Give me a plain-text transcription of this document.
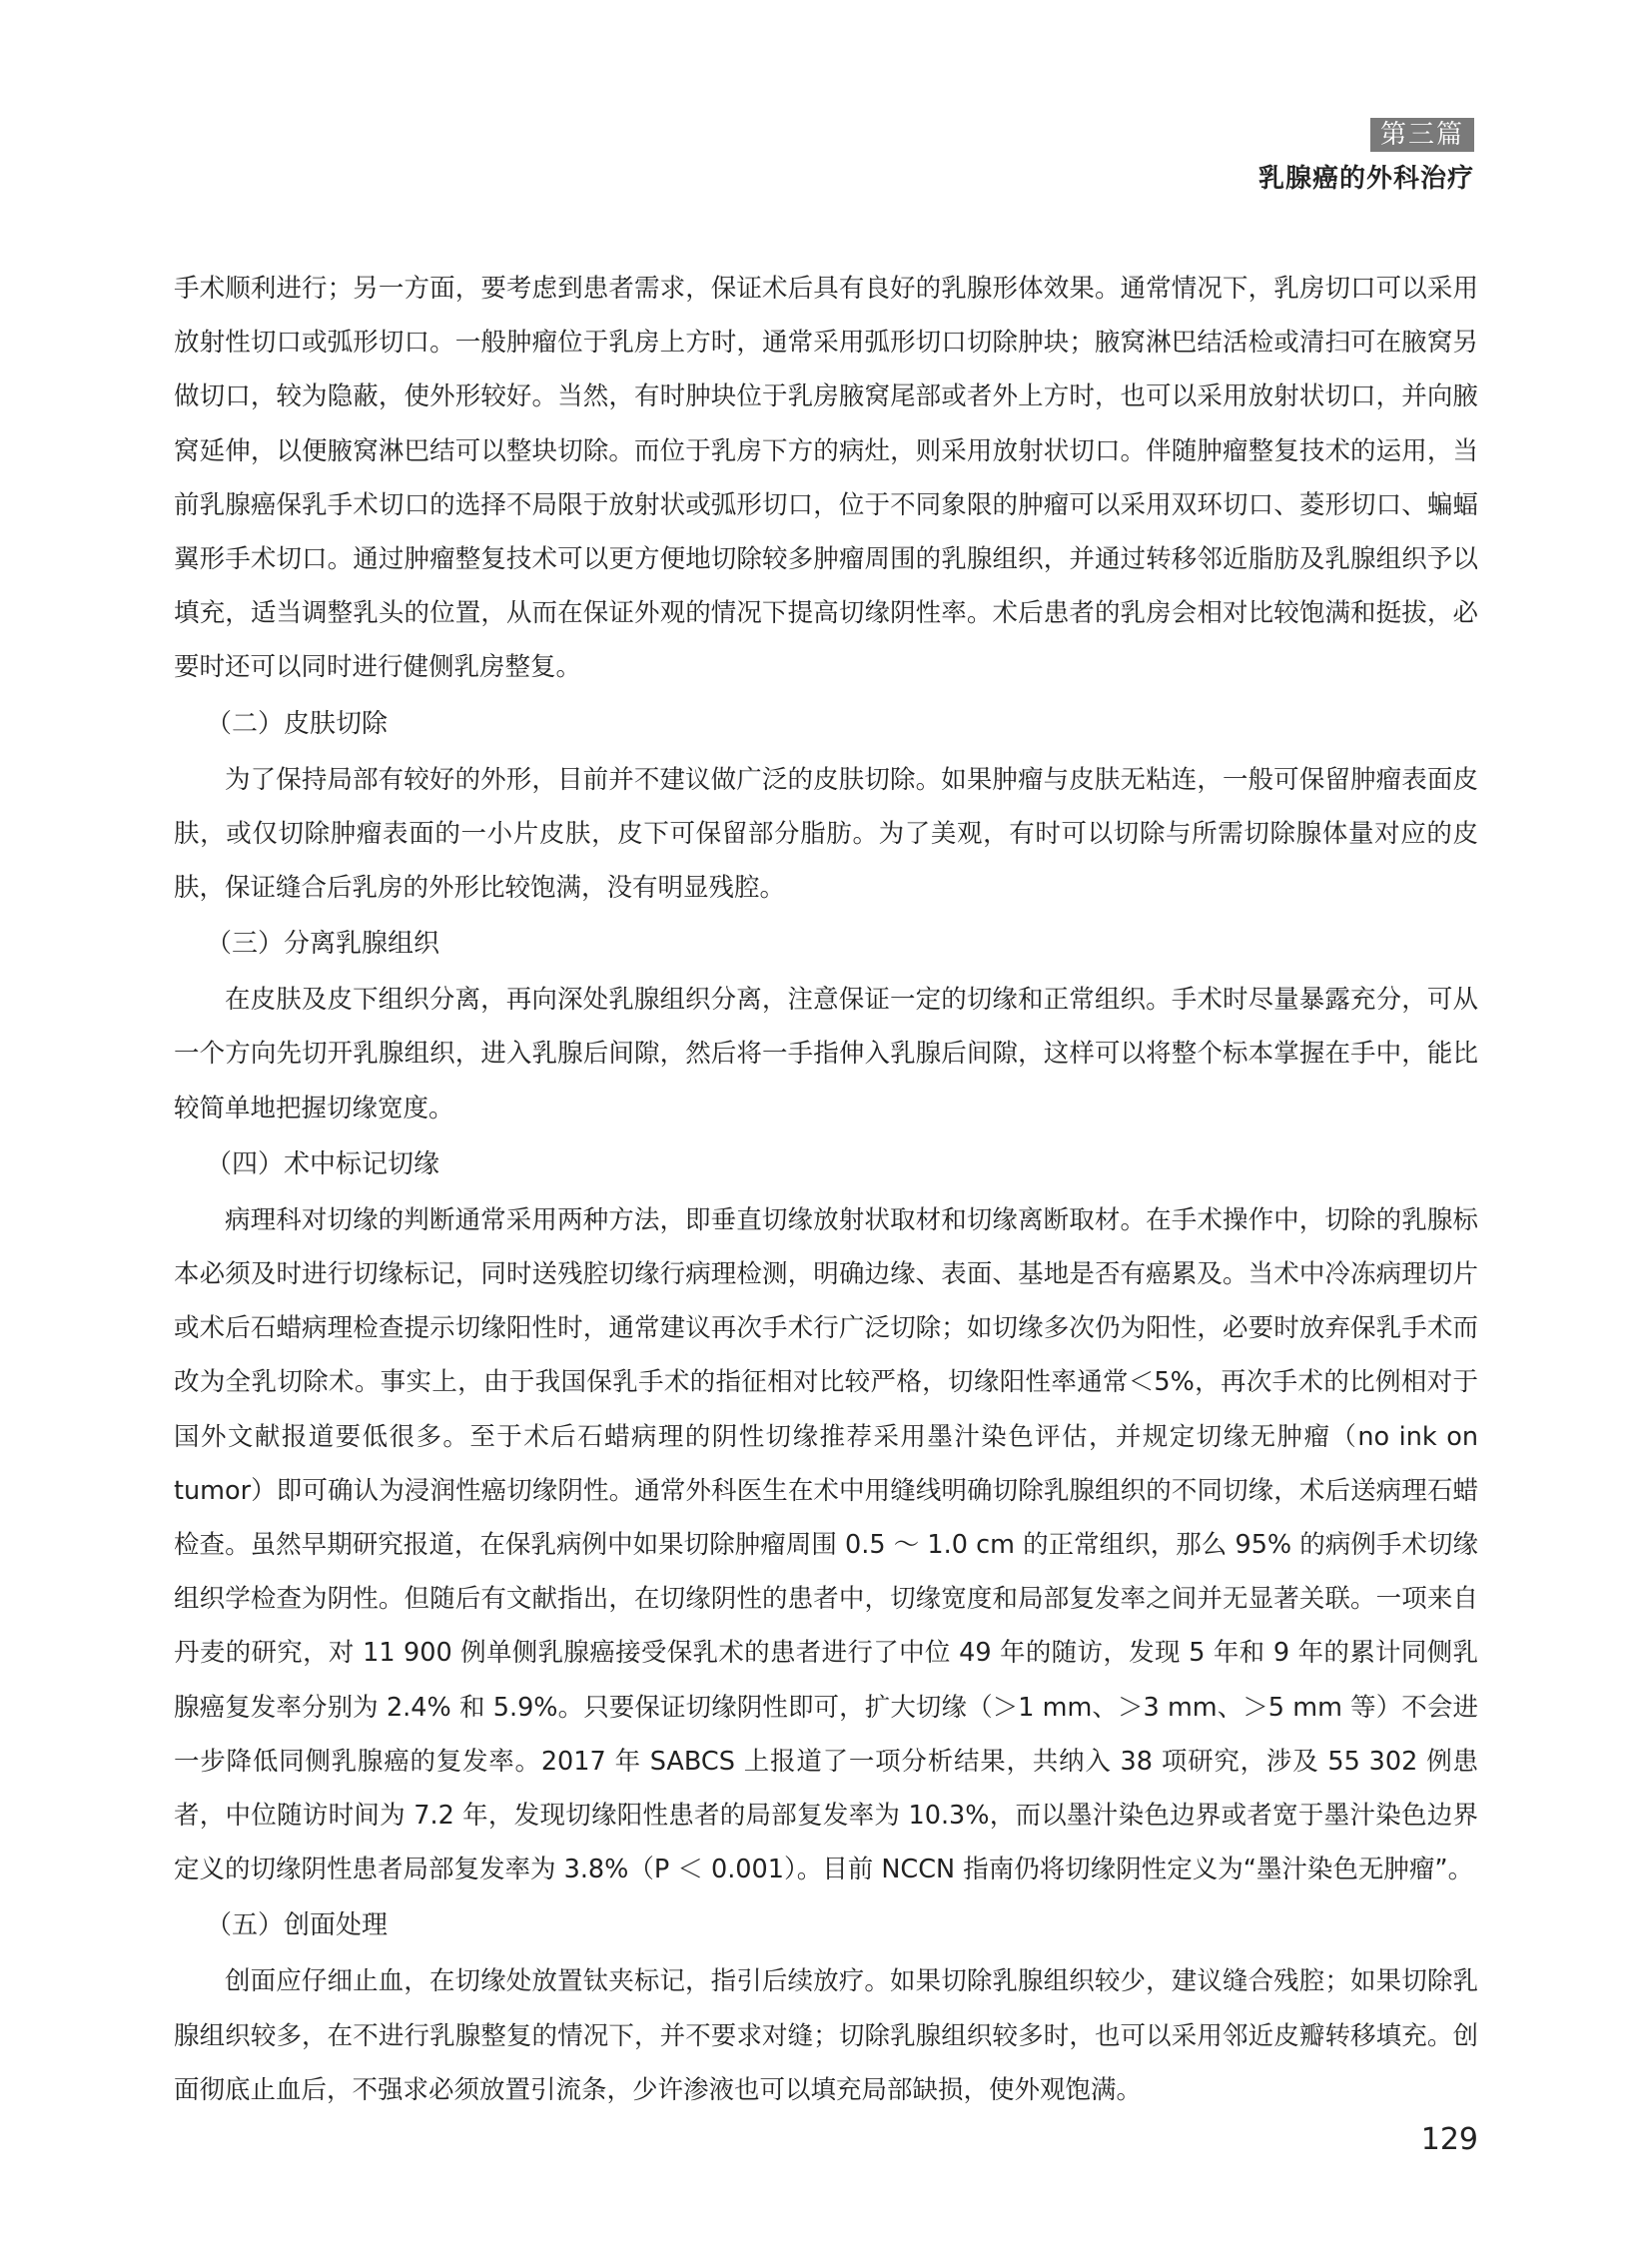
第三篇
乳腺癌的外科治疗

手术顺利进行；另一方面，要考虑到患者需求，保证术后具有良好的乳腺形体效果。通常情况下，乳房切口可以采用放射性切口或弧形切口。一般肿瘤位于乳房上方时，通常采用弧形切口切除肿块；腋窝淋巴结活检或清扫可在腋窝另做切口，较为隐蔽，使外形较好。当然，有时肿块位于乳房腋窝尾部或者外上方时，也可以采用放射状切口，并向腋窝延伸，以便腋窝淋巴结可以整块切除。而位于乳房下方的病灶，则采用放射状切口。伴随肿瘤整复技术的运用，当前乳腺癌保乳手术切口的选择不局限于放射状或弧形切口，位于不同象限的肿瘤可以采用双环切口、菱形切口、蝙蝠翼形手术切口。通过肿瘤整复技术可以更方便地切除较多肿瘤周围的乳腺组织，并通过转移邻近脂肪及乳腺组织予以填充，适当调整乳头的位置，从而在保证外观的情况下提高切缘阴性率。术后患者的乳房会相对比较饱满和挺拔，必要时还可以同时进行健侧乳房整复。

（二）皮肤切除

为了保持局部有较好的外形，目前并不建议做广泛的皮肤切除。如果肿瘤与皮肤无粘连，一般可保留肿瘤表面皮肤，或仅切除肿瘤表面的一小片皮肤，皮下可保留部分脂肪。为了美观，有时可以切除与所需切除腺体量对应的皮肤，保证缝合后乳房的外形比较饱满，没有明显残腔。

（三）分离乳腺组织

在皮肤及皮下组织分离，再向深处乳腺组织分离，注意保证一定的切缘和正常组织。手术时尽量暴露充分，可从一个方向先切开乳腺组织，进入乳腺后间隙，然后将一手指伸入乳腺后间隙，这样可以将整个标本掌握在手中，能比较简单地把握切缘宽度。

（四）术中标记切缘

病理科对切缘的判断通常采用两种方法，即垂直切缘放射状取材和切缘离断取材。在手术操作中，切除的乳腺标本必须及时进行切缘标记，同时送残腔切缘行病理检测，明确边缘、表面、基地是否有癌累及。当术中冷冻病理切片或术后石蜡病理检查提示切缘阳性时，通常建议再次手术行广泛切除；如切缘多次仍为阳性，必要时放弃保乳手术而改为全乳切除术。事实上，由于我国保乳手术的指征相对比较严格，切缘阳性率通常＜5%，再次手术的比例相对于国外文献报道要低很多。至于术后石蜡病理的阴性切缘推荐采用墨汁染色评估，并规定切缘无肿瘤（no ink on tumor）即可确认为浸润性癌切缘阴性。通常外科医生在术中用缝线明确切除乳腺组织的不同切缘，术后送病理石蜡检查。虽然早期研究报道，在保乳病例中如果切除肿瘤周围 0.5 ～ 1.0 cm 的正常组织，那么 95% 的病例手术切缘组织学检查为阴性。但随后有文献指出，在切缘阴性的患者中，切缘宽度和局部复发率之间并无显著关联。一项来自丹麦的研究，对 11 900 例单侧乳腺癌接受保乳术的患者进行了中位 49 年的随访，发现 5 年和 9 年的累计同侧乳腺癌复发率分别为 2.4% 和 5.9%。只要保证切缘阴性即可，扩大切缘（＞1 mm、＞3 mm、＞5 mm 等）不会进一步降低同侧乳腺癌的复发率。2017 年 SABCS 上报道了一项分析结果，共纳入 38 项研究，涉及 55 302 例患者，中位随访时间为 7.2 年，发现切缘阳性患者的局部复发率为 10.3%，而以墨汁染色边界或者宽于墨汁染色边界定义的切缘阴性患者局部复发率为 3.8%（P ＜ 0.001）。目前 NCCN 指南仍将切缘阴性定义为“墨汁染色无肿瘤”。

（五）创面处理

创面应仔细止血，在切缘处放置钛夹标记，指引后续放疗。如果切除乳腺组织较少，建议缝合残腔；如果切除乳腺组织较多，在不进行乳腺整复的情况下，并不要求对缝；切除乳腺组织较多时，也可以采用邻近皮瓣转移填充。创面彻底止血后，不强求必须放置引流条，少许渗液也可以填充局部缺损，使外观饱满。

129
